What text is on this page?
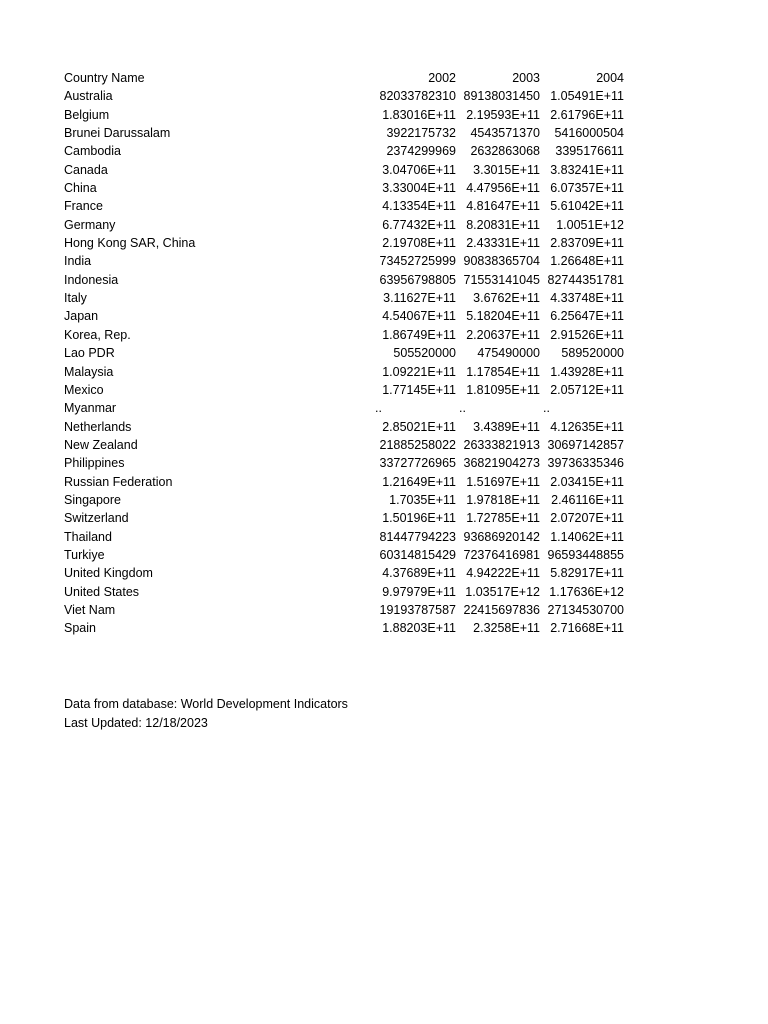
Country Name	2002	2003	2004
Australia	82033782310 89138031450 1.05491E+11
Belgium	1.83016E+11 2.19593E+11 2.61796E+11
Brunei Darussalam	3922175732	4543571370	5416000504
Cambodia	2374299969	2632863068	3395176611
Canada	3.04706E+11	3.3015E+11 3.83241E+11
China	3.33004E+11 4.47956E+11 6.07357E+11
France	4.13354E+11 4.81647E+11 5.61042E+11
Germany	6.77432E+11 8.20831E+11	1.0051E+12
Hong Kong SAR, China	2.19708E+11 2.43331E+11 2.83709E+11
India	73452725999 90838365704 1.26648E+11
Indonesia	63956798805 71553141045 82744351781
Italy	3.11627E+11	3.6762E+11 4.33748E+11
Japan	4.54067E+11 5.18204E+11 6.25647E+11
Korea, Rep.	1.86749E+11 2.20637E+11 2.91526E+11
Lao PDR	505520000	475490000	589520000
Malaysia	1.09221E+11 1.17854E+11 1.43928E+11
Mexico	1.77145E+11 1.81095E+11 2.05712E+11
Myanmar	..	..	..
Netherlands	2.85021E+11	3.4389E+11 4.12635E+11
New Zealand	21885258022 26333821913 30697142857
Philippines	33727726965 36821904273 39736335346
Russian Federation	1.21649E+11 1.51697E+11 2.03415E+11
Singapore	1.7035E+11 1.97818E+11 2.46116E+11
Switzerland	1.50196E+11 1.72785E+11 2.07207E+11
Thailand	81447794223 93686920142 1.14062E+11
Turkiye	60314815429 72376416981 96593448855
United Kingdom	4.37689E+11 4.94222E+11 5.82917E+11
United States	9.97979E+11 1.03517E+12 1.17636E+12
Viet Nam	19193787587 22415697836 27134530700
Spain	1.88203E+11	2.3258E+11 2.71668E+11
Data from database: World Development Indicators
Last Updated: 12/18/2023
